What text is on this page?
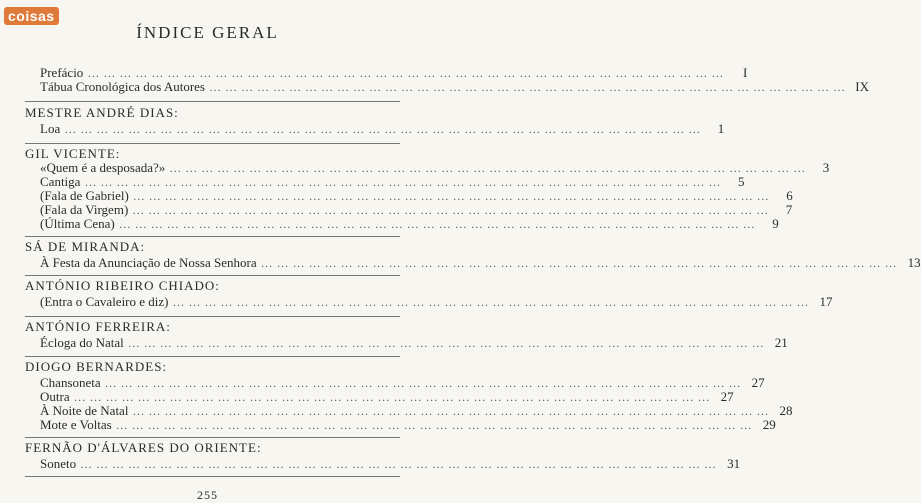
coisas
ÍNDICE GERAL
Prefácio …………………………………………………………………………………………………………	I
Tábua Cronológica dos Autores ………………………………………………………………………………………………………… IX
MESTRE ANDRÉ DIAS:
Loa …………………………………………………………………………………………………………	1
GIL VICENTE:
«Quem é a desposada?» …………………………………………………………………………………………………………	3
Cantiga …………………………………………………………………………………………………………	5
(Fala de Gabriel) …………………………………………………………………………………………………………	6
(Fala da Virgem) …………………………………………………………………………………………………………	7
(Última Cena) …………………………………………………………………………………………………………	9
SÁ DE MIRANDA:
À Festa da Anunciação de Nossa Senhora ………………………………………………………………………………………………………… 13
ANTÓNIO RIBEIRO CHIADO:
(Entra o Cavaleiro e diz) ………………………………………………………………………………………………………… 17
ANTÓNIO FERREIRA:
Écloga do Natal ………………………………………………………………………………………………………… 21
DIOGO BERNARDES:
Chansoneta ………………………………………………………………………………………………………… 27
Outra ………………………………………………………………………………………………………… 27
À Noite de Natal ………………………………………………………………………………………………………… 28
Mote e Voltas ………………………………………………………………………………………………………… 29
FERNÃO D'ÁLVARES DO ORIENTE:
Soneto ………………………………………………………………………………………………………… 31
255
